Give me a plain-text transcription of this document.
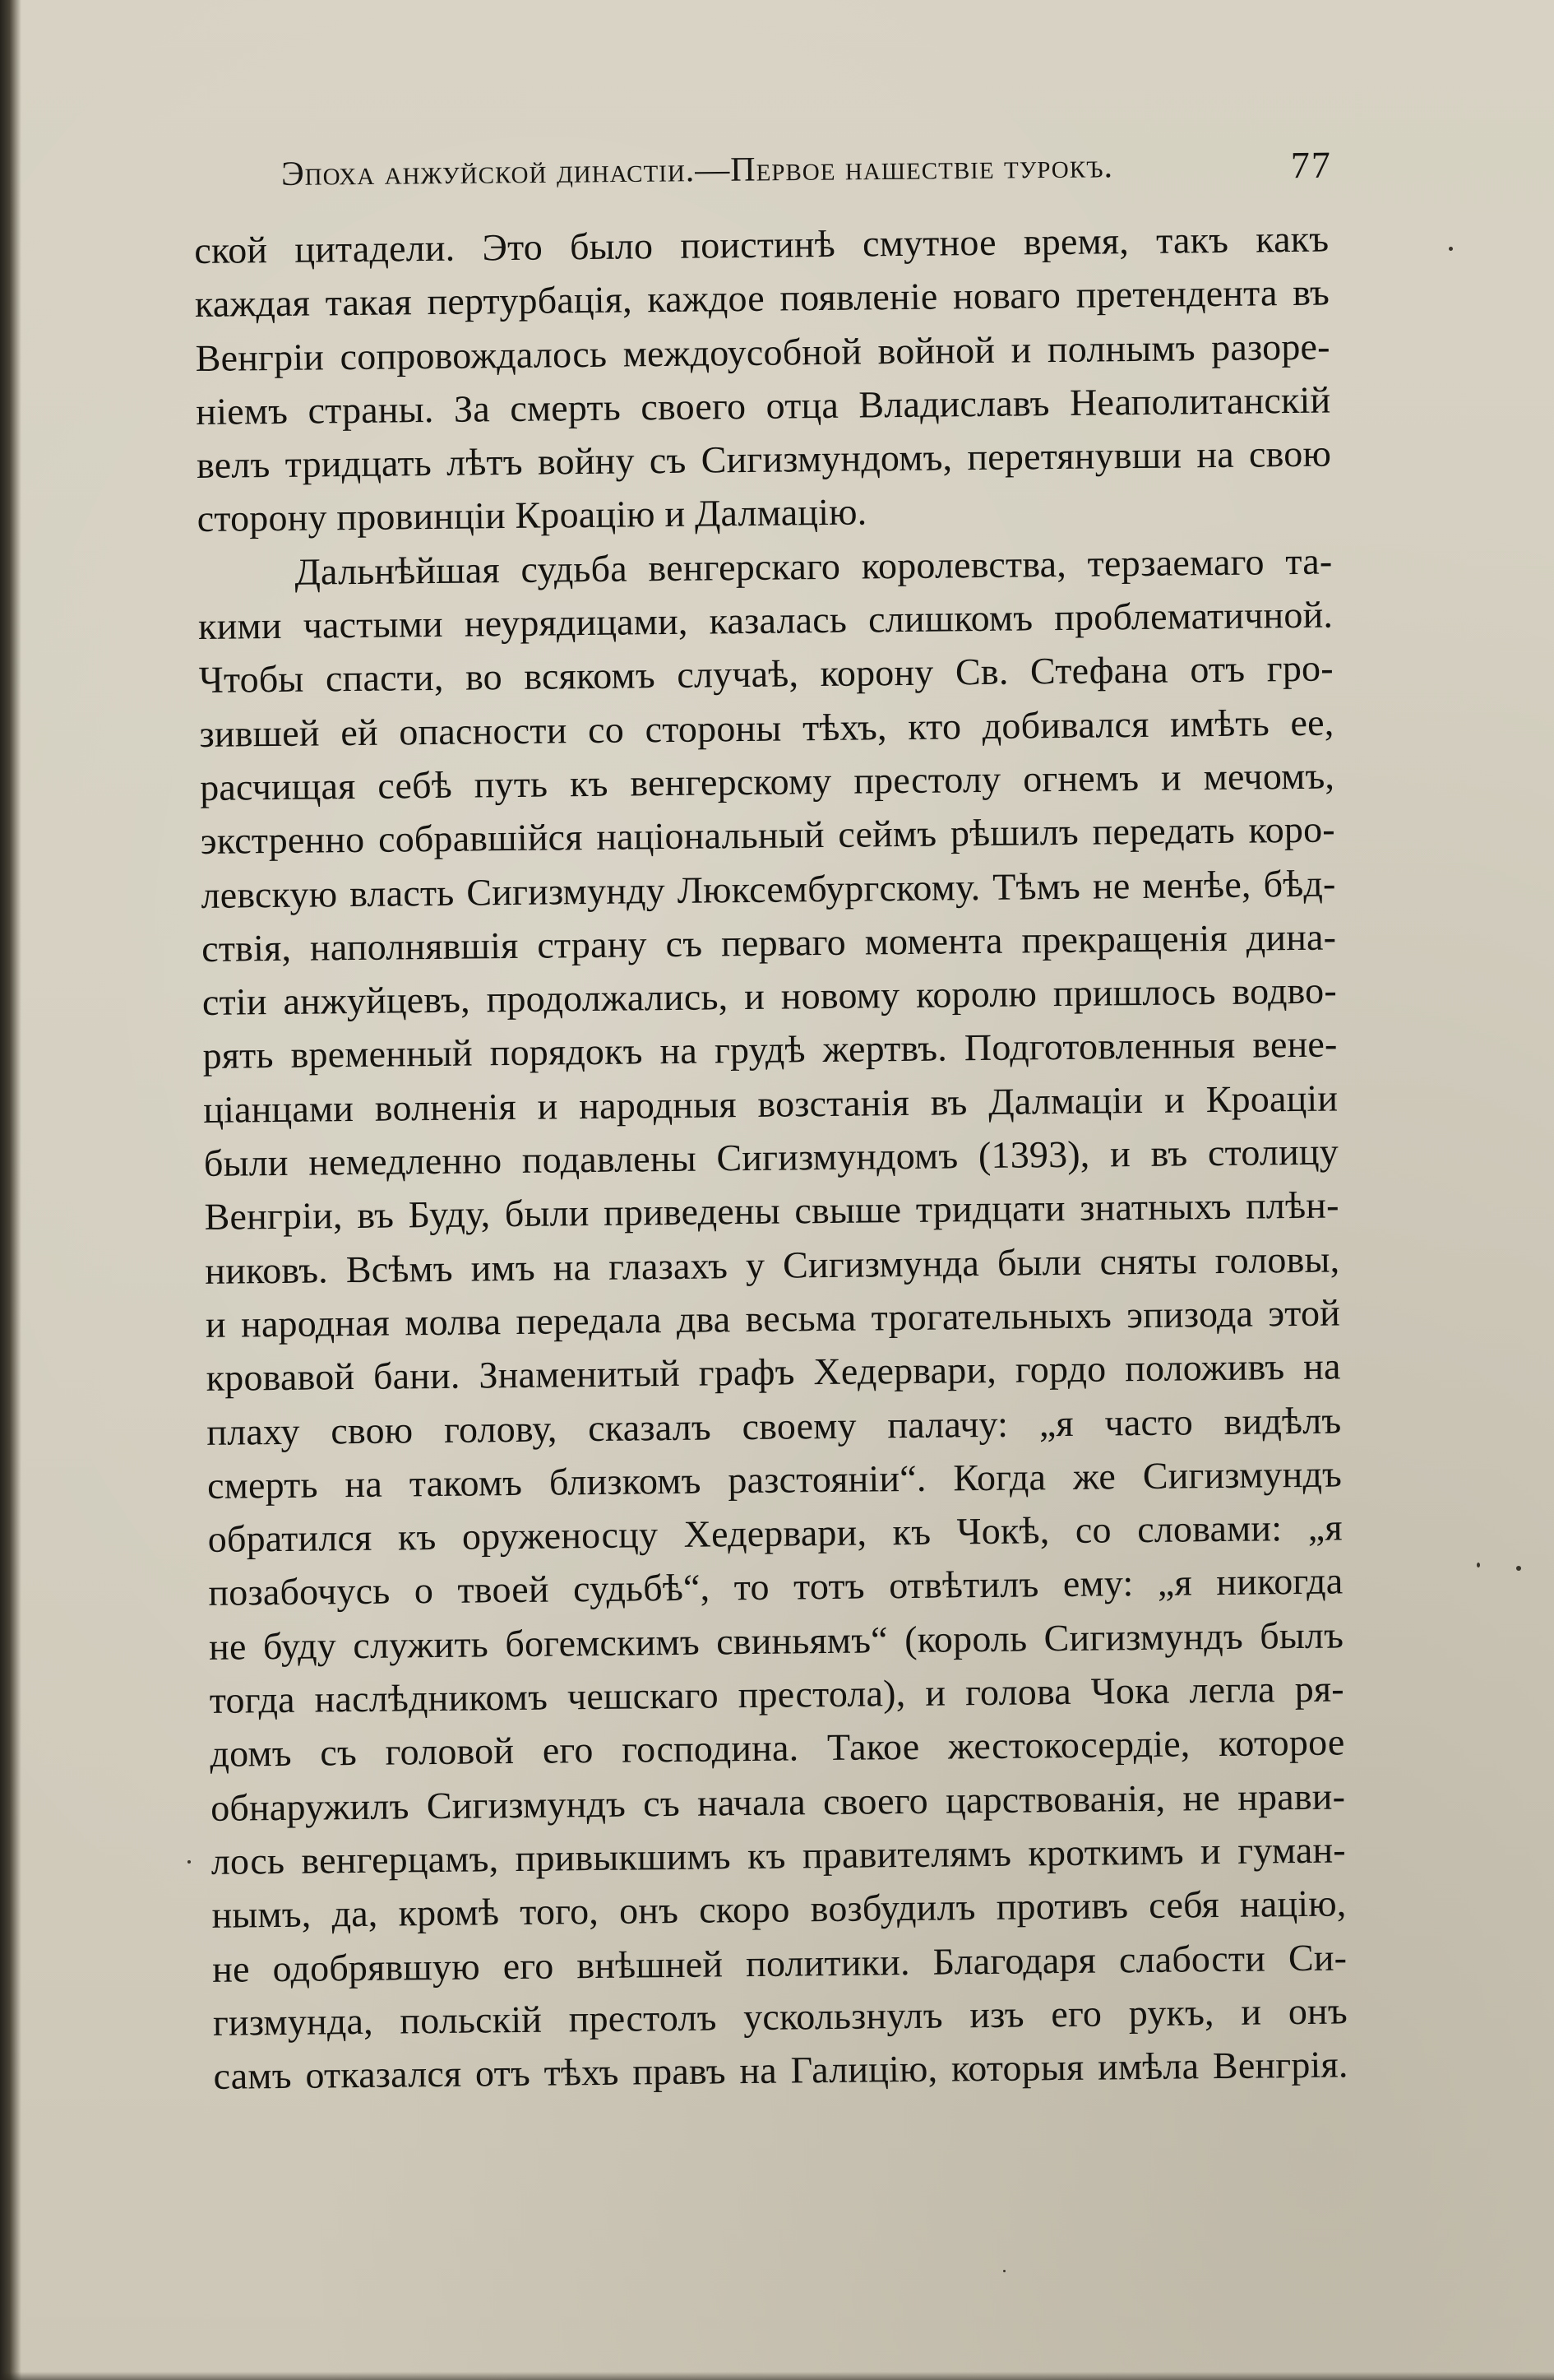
Эпоха анжуйской династіи.—Первое нашествіе турокъ.	77
ской цитадели. Это было поистинѣ смутное время, такъ какъ
каждая такая пертурбація, каждое появленіе новаго претендента въ
Венгріи сопровождалось междоусобной войной и полнымъ разоре-
ніемъ страны. За смерть своего отца Владиславъ Неаполитанскій
велъ тридцать лѣтъ войну съ Сигизмундомъ, перетянувши на свою
сторону провинціи Кроацію и Далмацію.
Дальнѣйшая судьба венгерскаго королевства, терзаемаго та-
кими частыми неурядицами, казалась слишкомъ проблематичной.
Чтобы спасти, во всякомъ случаѣ, корону Св. Стефана отъ гро-
зившей ей опасности со стороны тѣхъ, кто добивался имѣть ее,
расчищая себѣ путь къ венгерскому престолу огнемъ и мечомъ,
экстренно собравшійся національный сеймъ рѣшилъ передать коро-
левскую власть Сигизмунду Люксембургскому. Тѣмъ не менѣе, бѣд-
ствія, наполнявшія страну съ перваго момента прекращенія дина-
стіи анжуйцевъ, продолжались, и новому королю пришлось водво-
рять временный порядокъ на грудѣ жертвъ. Подготовленныя вене-
ціанцами волненія и народныя возстанія въ Далмаціи и Кроаціи
были немедленно подавлены Сигизмундомъ (1393), и въ столицу
Венгріи, въ Буду, были приведены свыше тридцати знатныхъ плѣн-
никовъ. Всѣмъ имъ на глазахъ у Сигизмунда были сняты головы,
и народная молва передала два весьма трогательныхъ эпизода этой
кровавой бани. Знаменитый графъ Хедервари, гордо положивъ на
плаху свою голову, сказалъ своему палачу: „я часто видѣлъ
смерть на такомъ близкомъ разстояніи“. Когда же Сигизмундъ
обратился къ оруженосцу Хедервари, къ Чокѣ, со словами: „я
позабочусь о твоей судьбѣ“, то тотъ отвѣтилъ ему: „я никогда
не буду служить богемскимъ свиньямъ“ (король Сигизмундъ былъ
тогда наслѣдникомъ чешскаго престола), и голова Чока легла ря-
домъ съ головой его господина. Такое жестокосердіе, которое
обнаружилъ Сигизмундъ съ начала своего царствованія, не нрави-
лось венгерцамъ, привыкшимъ къ правителямъ кроткимъ и гуман-
нымъ, да, кромѣ того, онъ скоро возбудилъ противъ себя націю,
не одобрявшую его внѣшней политики. Благодаря слабости Си-
гизмунда, польскій престолъ ускользнулъ изъ его рукъ, и онъ
самъ отказался отъ тѣхъ правъ на Галицію, которыя имѣла Венгрія.
